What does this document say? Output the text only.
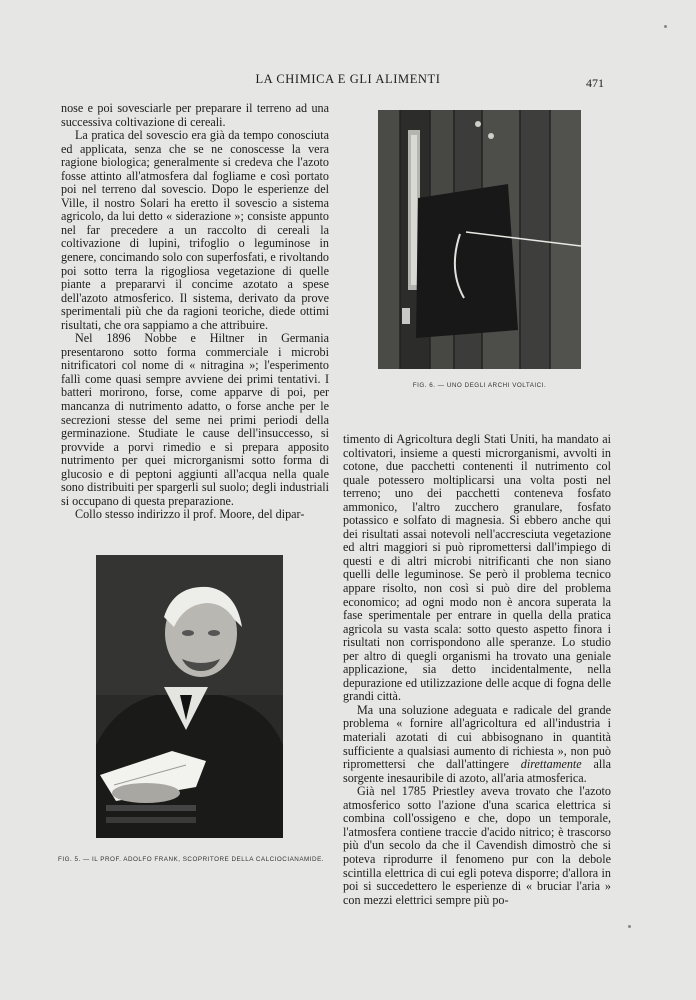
LA CHIMICA E GLI ALIMENTI	471

nose e poi sovesciarle per preparare il terreno ad una successiva coltivazione di cereali.

La pratica del sovescio era già da tempo conosciuta ed applicata, senza che se ne conoscesse la vera ragione biologica; generalmente si credeva che l'azoto fosse attinto all'atmosfera dal fogliame e così portato poi nel terreno dal sovescio. Dopo le esperienze del Ville, il nostro Solari ha eretto il sovescio a sistema agricolo, da lui detto « siderazione »; consiste appunto nel far precedere a un raccolto di cereali la coltivazione di lupini, trifoglio o leguminose in genere, concimando solo con superfosfati, e rivoltando poi sotto terra la rigogliosa vegetazione di quelle piante a prepararvi il concime azotato a spese dell'azoto atmosferico. Il sistema, derivato da prove sperimentali più che da ragioni teoriche, diede ottimi risultati, che ora sappiamo a che attribuire.

Nel 1896 Nobbe e Hiltner in Germania presentarono sotto forma commerciale i microbi nitrificatori col nome di « nitragina »; l'esperimento fallì come quasi sempre avviene dei primi tentativi. I batteri morirono, forse, come apparve di poi, per mancanza di nutrimento adatto, o forse anche per le secrezioni stesse del seme nei primi periodi della germinazione. Studiate le cause dell'insuccesso, si provvide a porvi rimedio e si prepara apposito nutrimento per quei microrganismi sotto forma di glucosio e di peptoni aggiunti all'acqua nella quale sono distribuiti per spargerli sul suolo; degli industriali si occupano di questa preparazione.

Collo stesso indirizzo il prof. Moore, del dipar-

FIG. 6. — UNO DEGLI ARCHI VOLTAICI.
FIG. 5. — IL PROF. ADOLFO FRANK, SCOPRITORE DELLA CALCIOCIANAMIDE.

timento di Agricoltura degli Stati Uniti, ha mandato ai coltivatori, insieme a questi microrganismi, avvolti in cotone, due pacchetti contenenti il nutrimento col quale potessero moltiplicarsi una volta posti nel terreno; uno dei pacchetti conteneva fosfato ammonico, l'altro zucchero granulare, fosfato potassico e solfato di magnesia. Si ebbero anche qui dei risultati assai notevoli nell'accresciuta vegetazione ed altri maggiori si può ripromettersi dall'impiego di questi e di altri microbi nitrificanti che non siano quelli delle leguminose. Se però il problema tecnico appare risolto, non così si può dire del problema economico; ad ogni modo non è ancora superata la fase sperimentale per entrare in quella della pratica agricola su vasta scala: sotto questo aspetto finora i risultati non corrispondono alle speranze. Lo studio per altro di quegli organismi ha trovato una geniale applicazione, sia detto incidentalmente, nella depurazione ed utilizzazione delle acque di fogna delle grandi città.

Ma una soluzione adeguata e radicale del grande problema « fornire all'agricoltura ed all'industria i materiali azotati di cui abbisognano in quantità sufficiente a qualsiasi aumento di richiesta », non può ripromettersi che dall'attingere direttamente alla sorgente inesauribile di azoto, all'aria atmosferica.

Già nel 1785 Priestley aveva trovato che l'azoto atmosferico sotto l'azione d'una scarica elettrica si combina coll'ossigeno e che, dopo un temporale, l'atmosfera contiene traccie d'acido nitrico; è trascorso più d'un secolo da che il Cavendish dimostrò che si poteva riprodurre il fenomeno pur con la debole scintilla elettrica di cui egli poteva disporre; d'allora in poi si succedettero le esperienze di « bruciar l'aria » con mezzi elettrici sempre più po-
